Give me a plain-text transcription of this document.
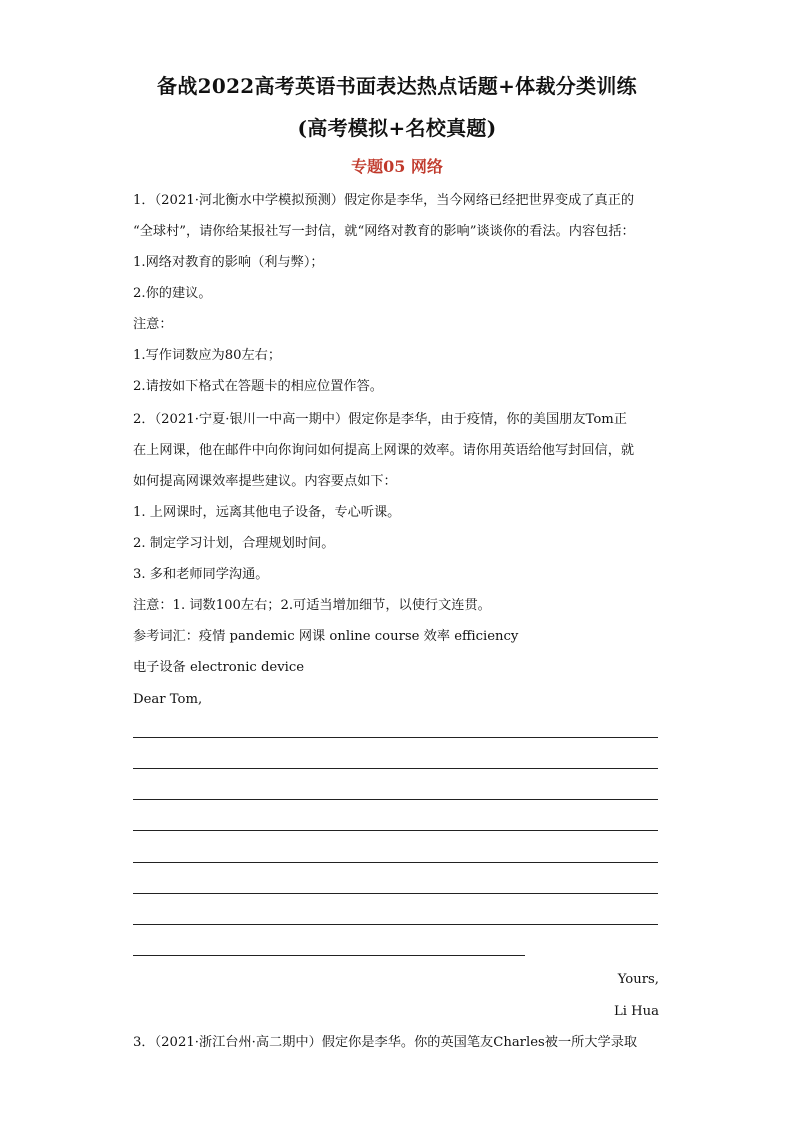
备战2022高考英语书面表达热点话题+体裁分类训练
(高考模拟+名校真题)
专题05 网络
1．（2021·河北衡水中学模拟预测）假定你是李华，当今网络已经把世界变成了真正的
“全球村”，请你给某报社写一封信，就“网络对教育的影响”谈谈你的看法。内容包括：
1.网络对教育的影响（利与弊）；
2.你的建议。
注意：
1.写作词数应为80左右；
2.请按如下格式在答题卡的相应位置作答。
2．（2021·宁夏·银川一中高一期中）假定你是李华，由于疫情，你的美国朋友Tom正
在上网课，他在邮件中向你询问如何提高上网课的效率。请你用英语给他写封回信，就
如何提高网课效率提些建议。内容要点如下：
1. 上网课时，远离其他电子设备，专心听课。
2. 制定学习计划，合理规划时间。
3. 多和老师同学沟通。
注意：1. 词数100左右；2.可适当增加细节，以使行文连贯。
参考词汇：疫情 pandemic 网课 online course 效率 efficiency
电子设备 electronic device
Dear Tom,
Yours,
Li Hua
3．（2021·浙江台州·高二期中）假定你是李华。你的英国笔友Charles被一所大学录取
